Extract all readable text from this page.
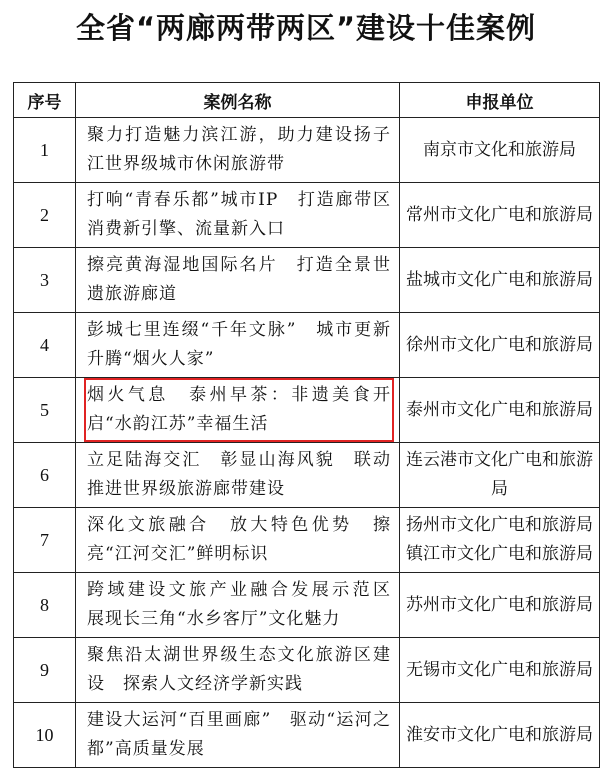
全省“两廊两带两区”建设十佳案例
序号	案例名称	申报单位
1	聚力打造魅力滨江游，助力建设扬子江世界级城市休闲旅游带	南京市文化和旅游局
2	打响“青春乐都”城市IP　打造廊带区消费新引擎、流量新入口	常州市文化广电和旅游局
3	擦亮黄海湿地国际名片　打造全景世遗旅游廊道	盐城市文化广电和旅游局
4	彭城七里连缀“千年文脉”　城市更新升腾“烟火人家”	徐州市文化广电和旅游局
5	烟火气息　泰州早茶：非遗美食开启“水韵江苏”幸福生活	泰州市文化广电和旅游局
6	立足陆海交汇　彰显山海风貌　联动推进世界级旅游廊带建设	连云港市文化广电和旅游局
7	深化文旅融合　放大特色优势　擦亮“江河交汇”鲜明标识	扬州市文化广电和旅游局 镇江市文化广电和旅游局
8	跨域建设文旅产业融合发展示范区　展现长三角“水乡客厅”文化魅力	苏州市文化广电和旅游局
9	聚焦沿太湖世界级生态文化旅游区建设　探索人文经济学新实践	无锡市文化广电和旅游局
10	建设大运河“百里画廊”　驱动“运河之都”高质量发展	淮安市文化广电和旅游局
